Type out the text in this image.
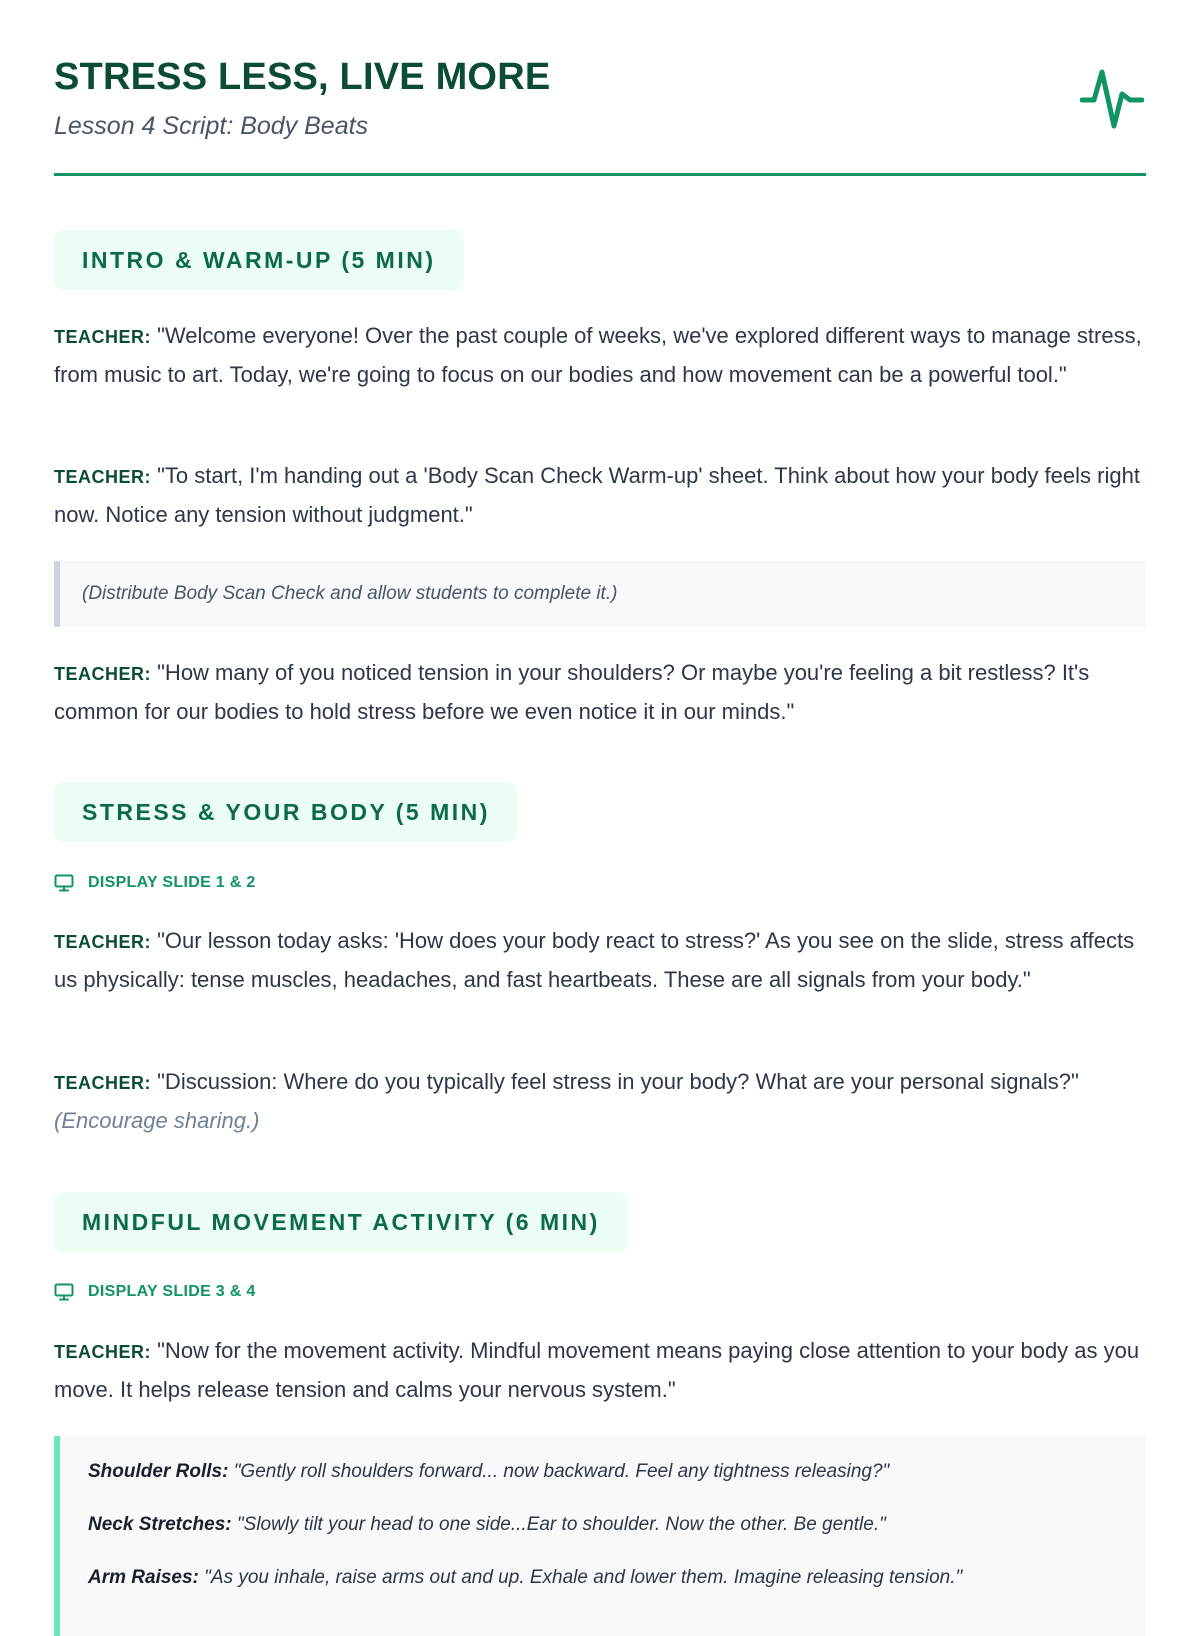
STRESS LESS, LIVE MORE

Lesson 4 Script: Body Beats

INTRO & WARM-UP (5 MIN)

TEACHER: "Welcome everyone! Over the past couple of weeks, we've explored different ways to manage stress, from music to art. Today, we're going to focus on our bodies and how movement can be a powerful tool."

TEACHER: "To start, I'm handing out a 'Body Scan Check Warm-up' sheet. Think about how your body feels right now. Notice any tension without judgment."

(Distribute Body Scan Check and allow students to complete it.)

TEACHER: "How many of you noticed tension in your shoulders? Or maybe you're feeling a bit restless? It's common for our bodies to hold stress before we even notice it in our minds."

STRESS & YOUR BODY (5 MIN)
DISPLAY SLIDE 1 & 2

TEACHER: "Our lesson today asks: 'How does your body react to stress?' As you see on the slide, stress affects us physically: tense muscles, headaches, and fast heartbeats. These are all signals from your body."

TEACHER: "Discussion: Where do you typically feel stress in your body? What are your personal signals?" (Encourage sharing.)

MINDFUL MOVEMENT ACTIVITY (6 MIN)
DISPLAY SLIDE 3 & 4

TEACHER: "Now for the movement activity. Mindful movement means paying close attention to your body as you move. It helps release tension and calms your nervous system."

Shoulder Rolls: "Gently roll shoulders forward... now backward. Feel any tightness releasing?"

Neck Stretches: "Slowly tilt your head to one side...Ear to shoulder. Now the other. Be gentle."

Arm Raises: "As you inhale, raise arms out and up. Exhale and lower them. Imagine releasing tension."
